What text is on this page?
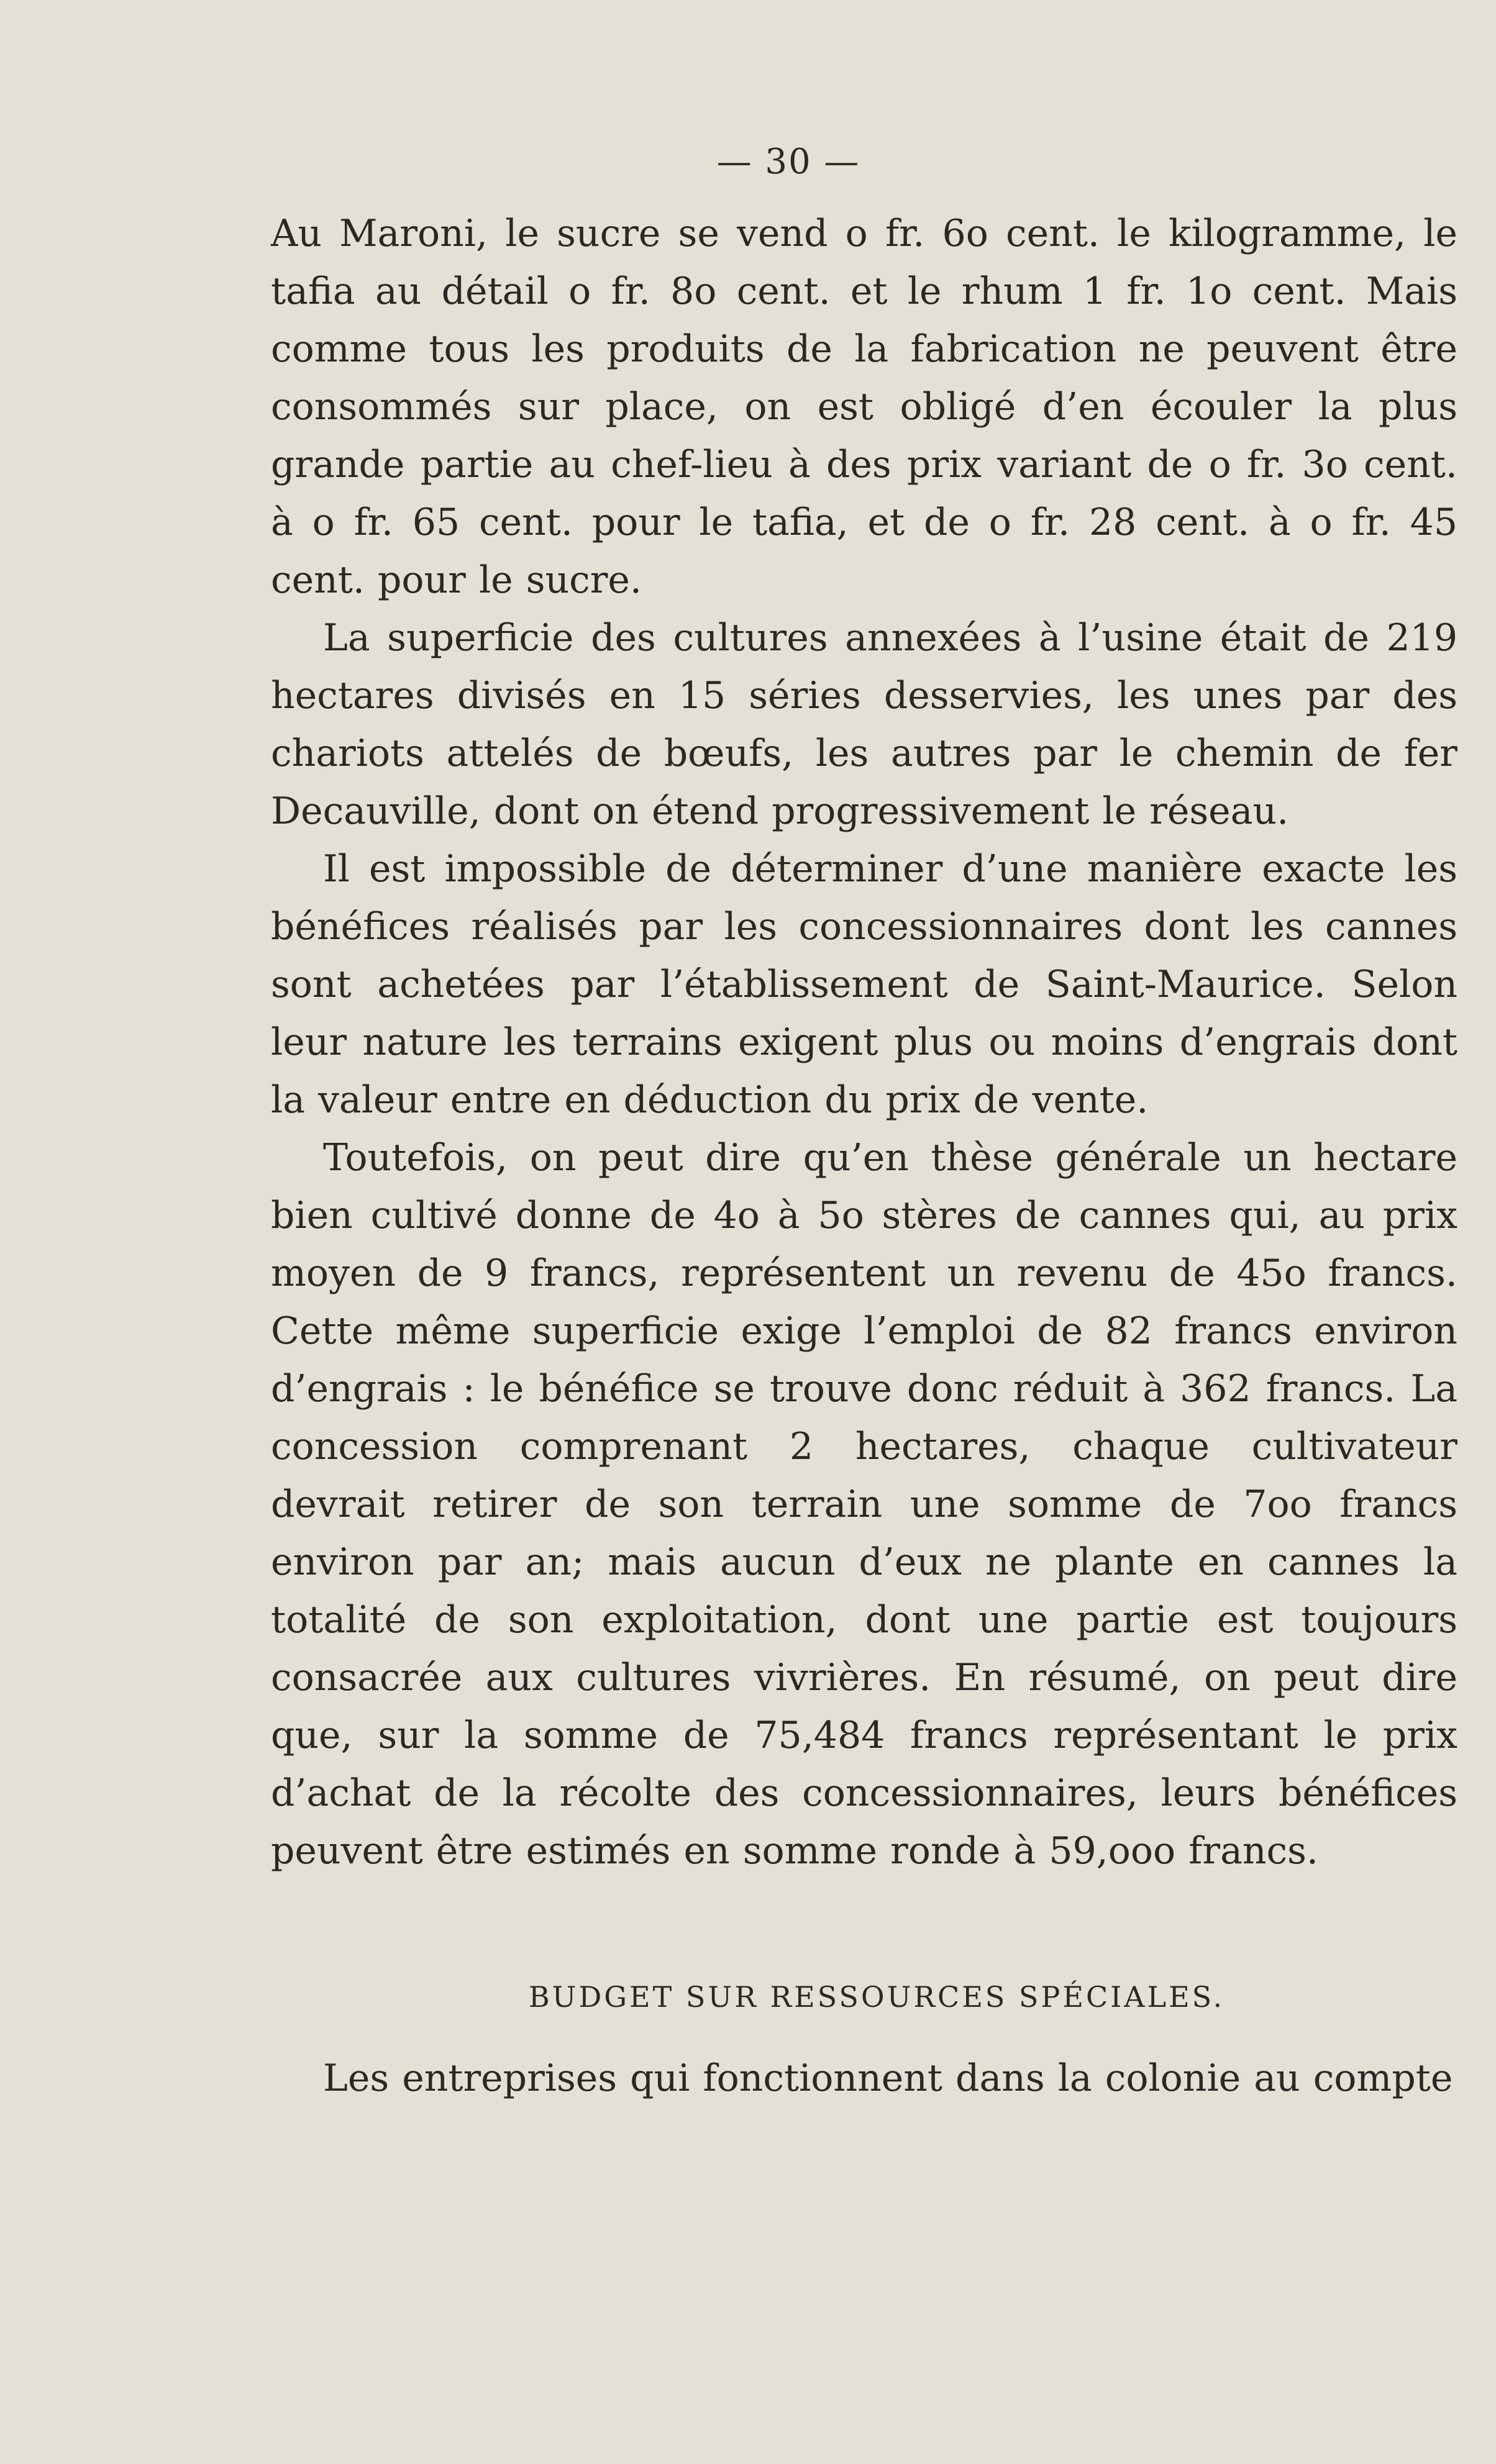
— 30 —

Au Maroni, le sucre se vend o fr. 6o cent. le kilogramme, le tafia au détail o fr. 8o cent. et le rhum 1 fr. 1o cent. Mais comme tous les produits de la fabrication ne peuvent être consommés sur place, on est obligé d’en écouler la plus grande partie au chef-lieu à des prix variant de o fr. 3o cent. à o fr. 65 cent. pour le tafia, et de o fr. 28 cent. à o fr. 45 cent. pour le sucre.

La superficie des cultures annexées à l’usine était de 219 hectares divisés en 15 séries desservies, les unes par des chariots attelés de bœufs, les autres par le chemin de fer Decauville, dont on étend progressivement le réseau.

Il est impossible de déterminer d’une manière exacte les bénéfices réalisés par les concessionnaires dont les cannes sont achetées par l’établissement de Saint-Maurice. Selon leur nature les terrains exigent plus ou moins d’engrais dont la valeur entre en déduction du prix de vente.

Toutefois, on peut dire qu’en thèse générale un hectare bien cultivé donne de 4o à 5o stères de cannes qui, au prix moyen de 9 francs, représentent un revenu de 45o francs. Cette même superficie exige l’emploi de 82 francs environ d’engrais : le bénéfice se trouve donc réduit à 362 francs. La concession comprenant 2 hectares, chaque cultivateur devrait retirer de son terrain une somme de 7oo francs environ par an; mais aucun d’eux ne plante en cannes la totalité de son exploitation, dont une partie est toujours consacrée aux cultures vivrières. En résumé, on peut dire que, sur la somme de 75,484 francs représentant le prix d’achat de la récolte des concessionnaires, leurs bénéfices peuvent être estimés en somme ronde à 59,ooo francs.

BUDGET SUR RESSOURCES SPÉCIALES.

Les entreprises qui fonctionnent dans la colonie au compte
